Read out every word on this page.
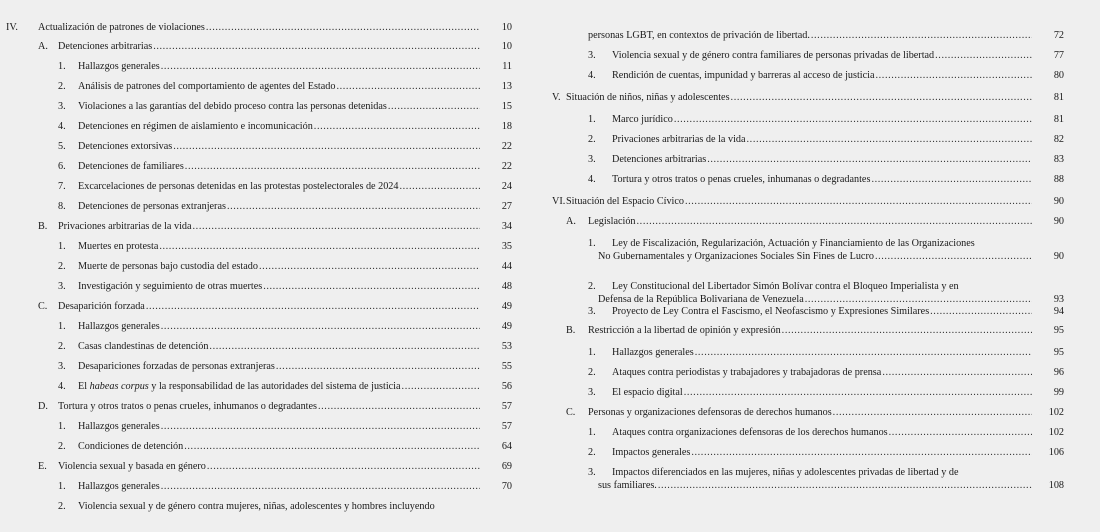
IV. Actualización de patrones de violaciones .....	10
A. Detenciones arbitrarias .....	10
1. Hallazgos generales .....	11
2. Análisis de patrones del comportamiento de agentes del Estado .....	13
3. Violaciones a las garantías del debido proceso contra las personas detenidas .....	15
4. Detenciones en régimen de aislamiento e incomunicación .....	18
5. Detenciones extorsivas .....	22
6. Detenciones de familiares .....	22
7. Excarcelaciones de personas detenidas en las protestas postelectorales de 2024 .....	24
8. Detenciones de personas extranjeras .....	27
B. Privaciones arbitrarias de la vida .....	34
1. Muertes en protesta .....	35
2. Muerte de personas bajo custodia del estado .....	44
3. Investigación y seguimiento de otras muertes .....	48
C. Desaparición forzada .....	49
1. Hallazgos generales .....	49
2. Casas clandestinas de detención .....	53
3. Desapariciones forzadas de personas extranjeras .....	55
4. El habeas corpus y la responsabilidad de las autoridades del sistema de justicia .....	56
D. Tortura y otros tratos o penas crueles, inhumanos o degradantes .....	57
1. Hallazgos generales .....	57
2. Condiciones de detención .....	64
E. Violencia sexual y basada en género .....	69
1. Hallazgos generales .....	70
2. Violencia sexual y de género contra mujeres, niñas, adolescentes y hombres incluyendo
personas LGBT, en contextos de privación de libertad. .....	72
3. Violencia sexual y de género contra familiares de personas privadas de libertad .....	77
4. Rendición de cuentas, impunidad y barreras al acceso de justicia .....	80
V. Situación de niños, niñas y adolescentes .....	81
1. Marco jurídico .....	81
2. Privaciones arbitrarias de la vida .....	82
3. Detenciones arbitrarias .....	83
4. Tortura y otros tratos o penas crueles, inhumanas o degradantes .....	88
VI. Situación del Espacio Cívico .....	90
A. Legislación .....	90
1.	Ley de Fiscalización, Regularización, Actuación y Financiamiento de las Organizaciones
No Gubernamentales y Organizaciones Sociales Sin Fines de Lucro .....	90
2.	Ley Constitucional del Libertador Simón Bolívar contra el Bloqueo Imperialista y en
Defensa de la República Bolivariana de Venezuela .....	93
3. Proyecto de Ley Contra el Fascismo, el Neofascismo y Expresiones Similares .....	94
B. Restricción a la libertad de opinión y expresión .....	95
1. Hallazgos generales .....	95
2. Ataques contra periodistas y trabajadores y trabajadoras de prensa .....	96
3. El espacio digital .....	99
C. Personas y organizaciones defensoras de derechos humanos .....	102
1. Ataques contra organizaciones defensoras de los derechos humanos .....	102
2. Impactos generales .....	106
3.	Impactos diferenciados en las mujeres, niñas y adolescentes privadas de libertad y de
sus familiares. .....	108
